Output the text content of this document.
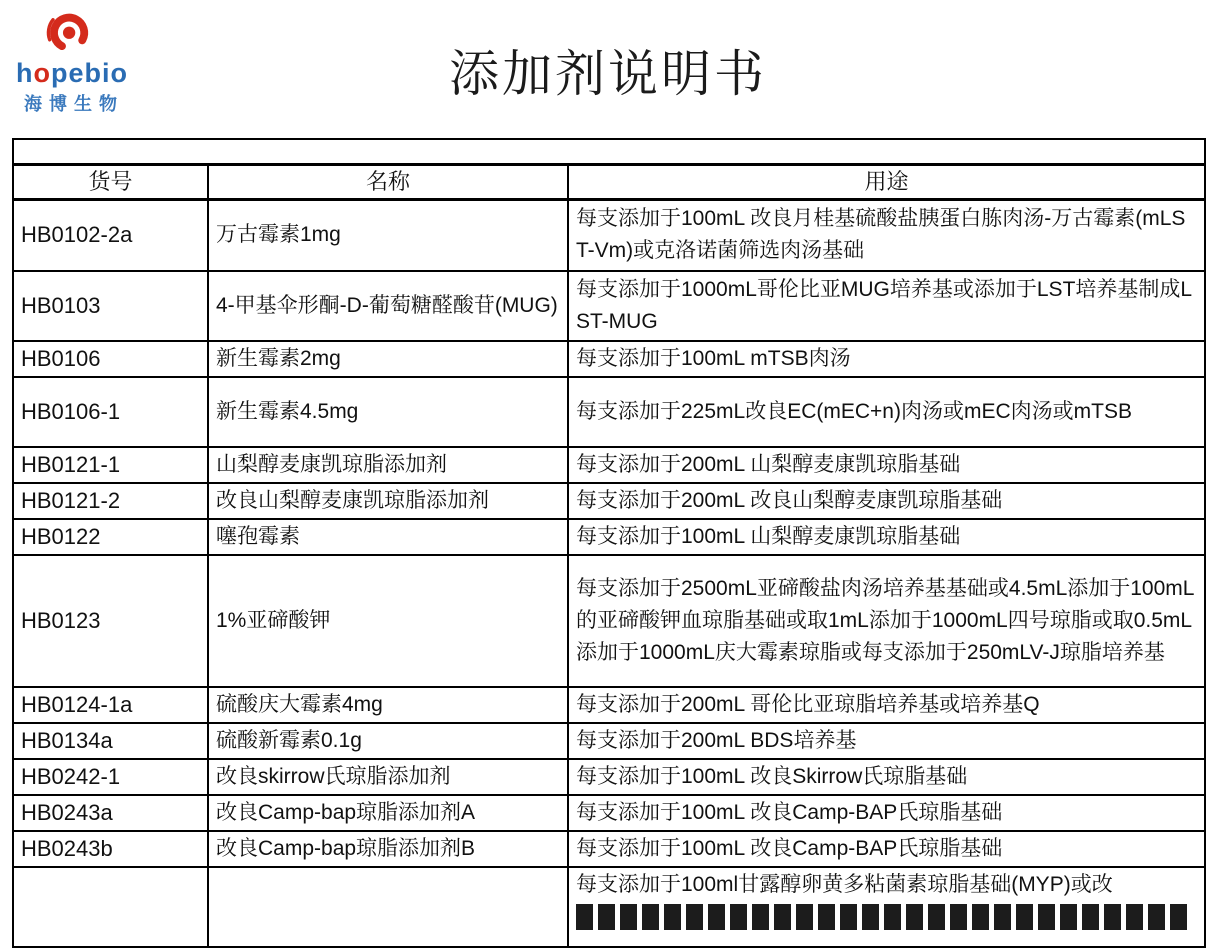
hopebio
海博生物
添加剂说明书

货号	名称	用途
HB0102-2a	万古霉素1mg	每支添加于100mL 改良月桂基硫酸盐胰蛋白胨肉汤-万古霉素(mLST-Vm)或克洛诺菌筛选肉汤基础
HB0103	4-甲基伞形酮-D-葡萄糖醛酸苷(MUG)	每支添加于1000mL哥伦比亚MUG培养基或添加于LST培养基制成LST-MUG
HB0106	新生霉素2mg	每支添加于100mL mTSB肉汤
HB0106-1	新生霉素4.5mg	每支添加于225mL改良EC(mEC+n)肉汤或mEC肉汤或mTSB
HB0121-1	山梨醇麦康凯琼脂添加剂	每支添加于200mL 山梨醇麦康凯琼脂基础
HB0121-2	改良山梨醇麦康凯琼脂添加剂	每支添加于200mL 改良山梨醇麦康凯琼脂基础
HB0122	噻孢霉素	每支添加于100mL 山梨醇麦康凯琼脂基础
HB0123	1%亚碲酸钾	每支添加于2500mL亚碲酸盐肉汤培养基基础或4.5mL添加于100mL的亚碲酸钾血琼脂基础或取1mL添加于1000mL四号琼脂或取0.5mL添加于1000mL庆大霉素琼脂或每支添加于250mLV-J琼脂培养基
HB0124-1a	硫酸庆大霉素4mg	每支添加于200mL 哥伦比亚琼脂培养基或培养基Q
HB0134a	硫酸新霉素0.1g	每支添加于200mL BDS培养基
HB0242-1	改良skirrow氏琼脂添加剂	每支添加于100mL 改良Skirrow氏琼脂基础
HB0243a	改良Camp-bap琼脂添加剂A	每支添加于100mL 改良Camp-BAP氏琼脂基础
HB0243b	改良Camp-bap琼脂添加剂B	每支添加于100mL 改良Camp-BAP氏琼脂基础
		每支添加于100ml甘露醇卵黄多粘菌素琼脂基础(MYP)或改
